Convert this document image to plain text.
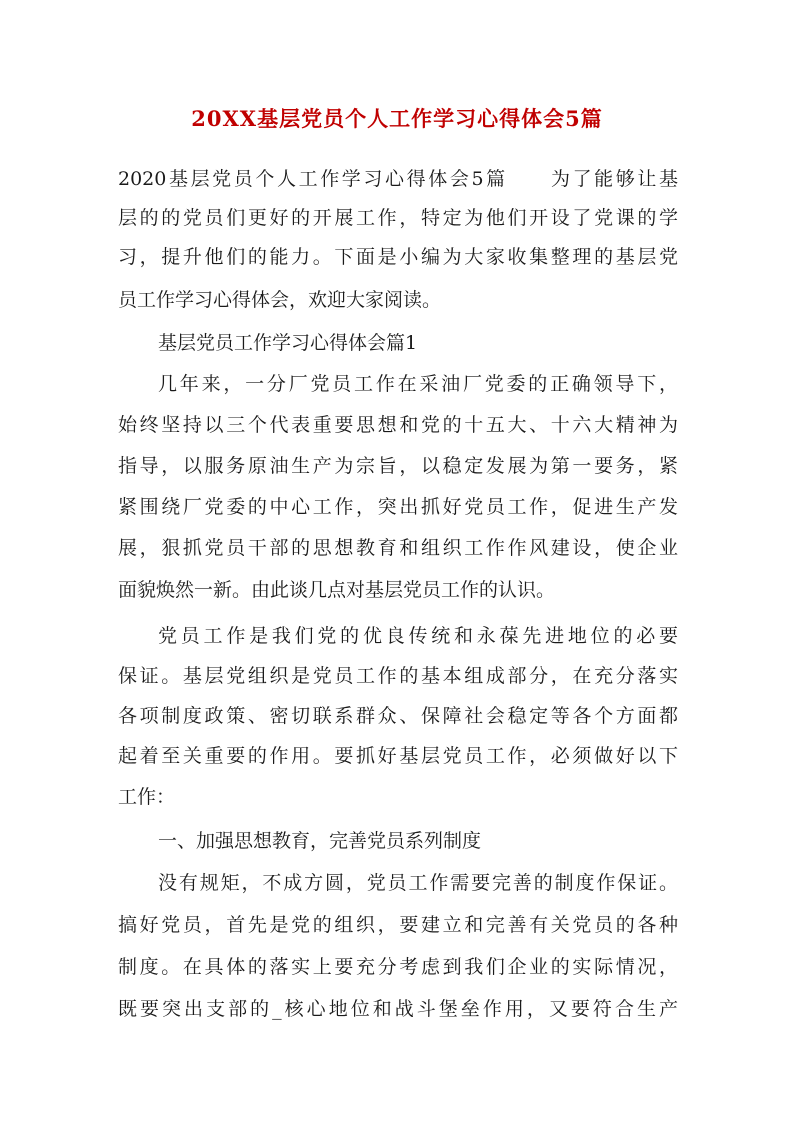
20XX基层党员个人工作学习心得体会5篇

2020基层党员个人工作学习心得体会5篇　　为了能够让基

层的的党员们更好的开展工作，特定为他们开设了党课的学

习，提升他们的能力。下面是小编为大家收集整理的基层党

员工作学习心得体会，欢迎大家阅读。

基层党员工作学习心得体会篇1

几年来，一分厂党员工作在采油厂党委的正确领导下，

始终坚持以三个代表重要思想和党的十五大、十六大精神为

指导，以服务原油生产为宗旨，以稳定发展为第一要务，紧

紧围绕厂党委的中心工作，突出抓好党员工作，促进生产发

展，狠抓党员干部的思想教育和组织工作作风建设，使企业

面貌焕然一新。由此谈几点对基层党员工作的认识。

党员工作是我们党的优良传统和永葆先进地位的必要

保证。基层党组织是党员工作的基本组成部分，在充分落实

各项制度政策、密切联系群众、保障社会稳定等各个方面都

起着至关重要的作用。要抓好基层党员工作，必须做好以下

工作：

一、加强思想教育，完善党员系列制度

没有规矩，不成方圆，党员工作需要完善的制度作保证。

搞好党员，首先是党的组织，要建立和完善有关党员的各种

制度。在具体的落实上要充分考虑到我们企业的实际情况，

既要突出支部的_核心地位和战斗堡垒作用，又要符合生产
